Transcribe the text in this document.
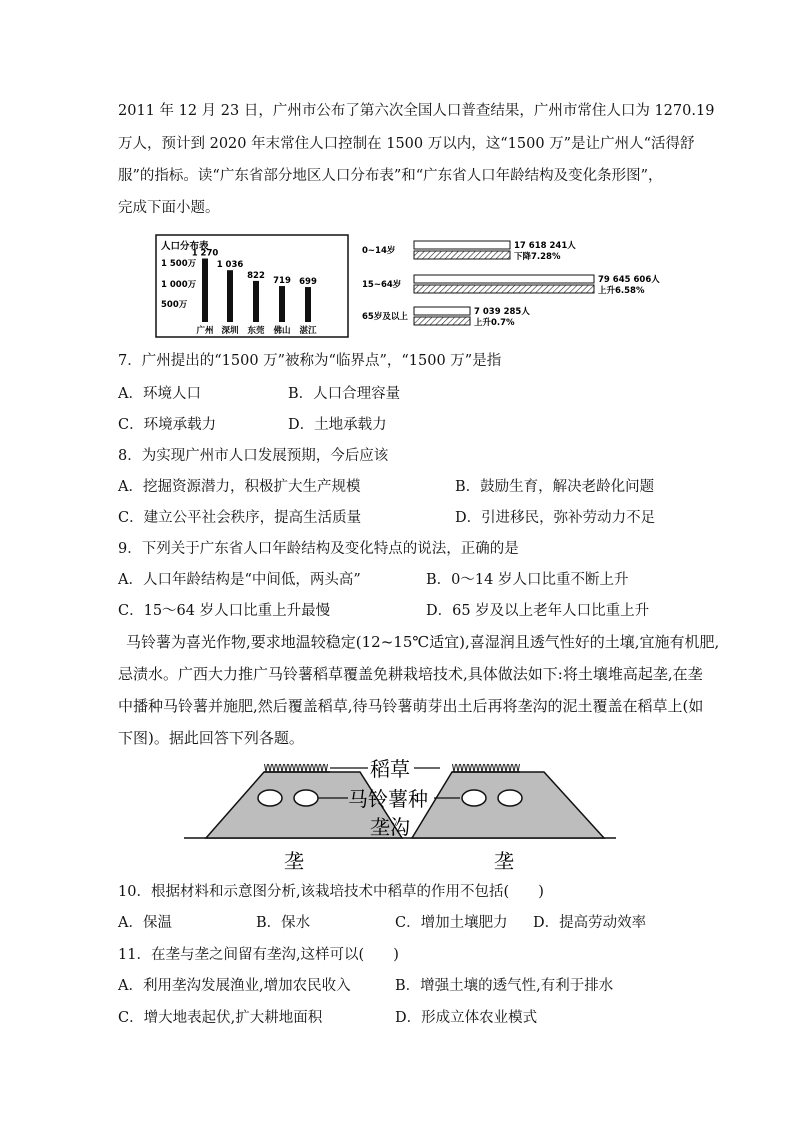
2011 年 12 月 23 日，广州市公布了第六次全国人口普查结果，广州市常住人口为 1270.19
万人，预计到 2020 年末常住人口控制在 1500 万以内，这“1500 万”是让广州人“活得舒
服”的指标。读“广东省部分地区人口分布表”和“广东省人口年龄结构及变化条形图”，
完成下面小题。
人口分布表
1 500万
1 000万
500万
1 270
广州
1 036
深圳
822
东莞
719
佛山
699
湛江
0~14岁	17 618 241人
下降7.28%
15~64岁	79 645 606人
上升6.58%
65岁及以上	7 039 285人
上升0.7%
7．广州提出的“1500 万”被称为“临界点”，“1500 万”是指
A．环境人口	B．人口合理容量
C．环境承载力	D．土地承载力
8．为实现广州市人口发展预期，今后应该
A．挖掘资源潜力，积极扩大生产规模	B．鼓励生育，解决老龄化问题
C．建立公平社会秩序，提高生活质量	D．引进移民，弥补劳动力不足
9．下列关于广东省人口年龄结构及变化特点的说法，正确的是
A．人口年龄结构是“中间低，两头高”	B．0～14 岁人口比重不断上升
C．15～64 岁人口比重上升最慢	D．65 岁及以上老年人口比重上升
马铃薯为喜光作物,要求地温较稳定(12~15℃适宜),喜湿润且透气性好的土壤,宜施有机肥,
忌渍水。广西大力推广马铃薯稻草覆盖免耕栽培技术,具体做法如下:将土壤堆高起垄,在垄
中播种马铃薯并施肥,然后覆盖稻草,待马铃薯萌芽出土后再将垄沟的泥土覆盖在稻草上(如
下图)。据此回答下列各题。
稻草
马铃薯种
垄沟
垄	垄
10．根据材料和示意图分析,该栽培技术中稻草的作用不包括(　　)
A．保温	B．保水	C．增加土壤肥力 D．提高劳动效率
11．在垄与垄之间留有垄沟,这样可以(　　)
A．利用垄沟发展渔业,增加农民收入	B．增强土壤的透气性,有利于排水
C．增大地表起伏,扩大耕地面积	D．形成立体农业模式
